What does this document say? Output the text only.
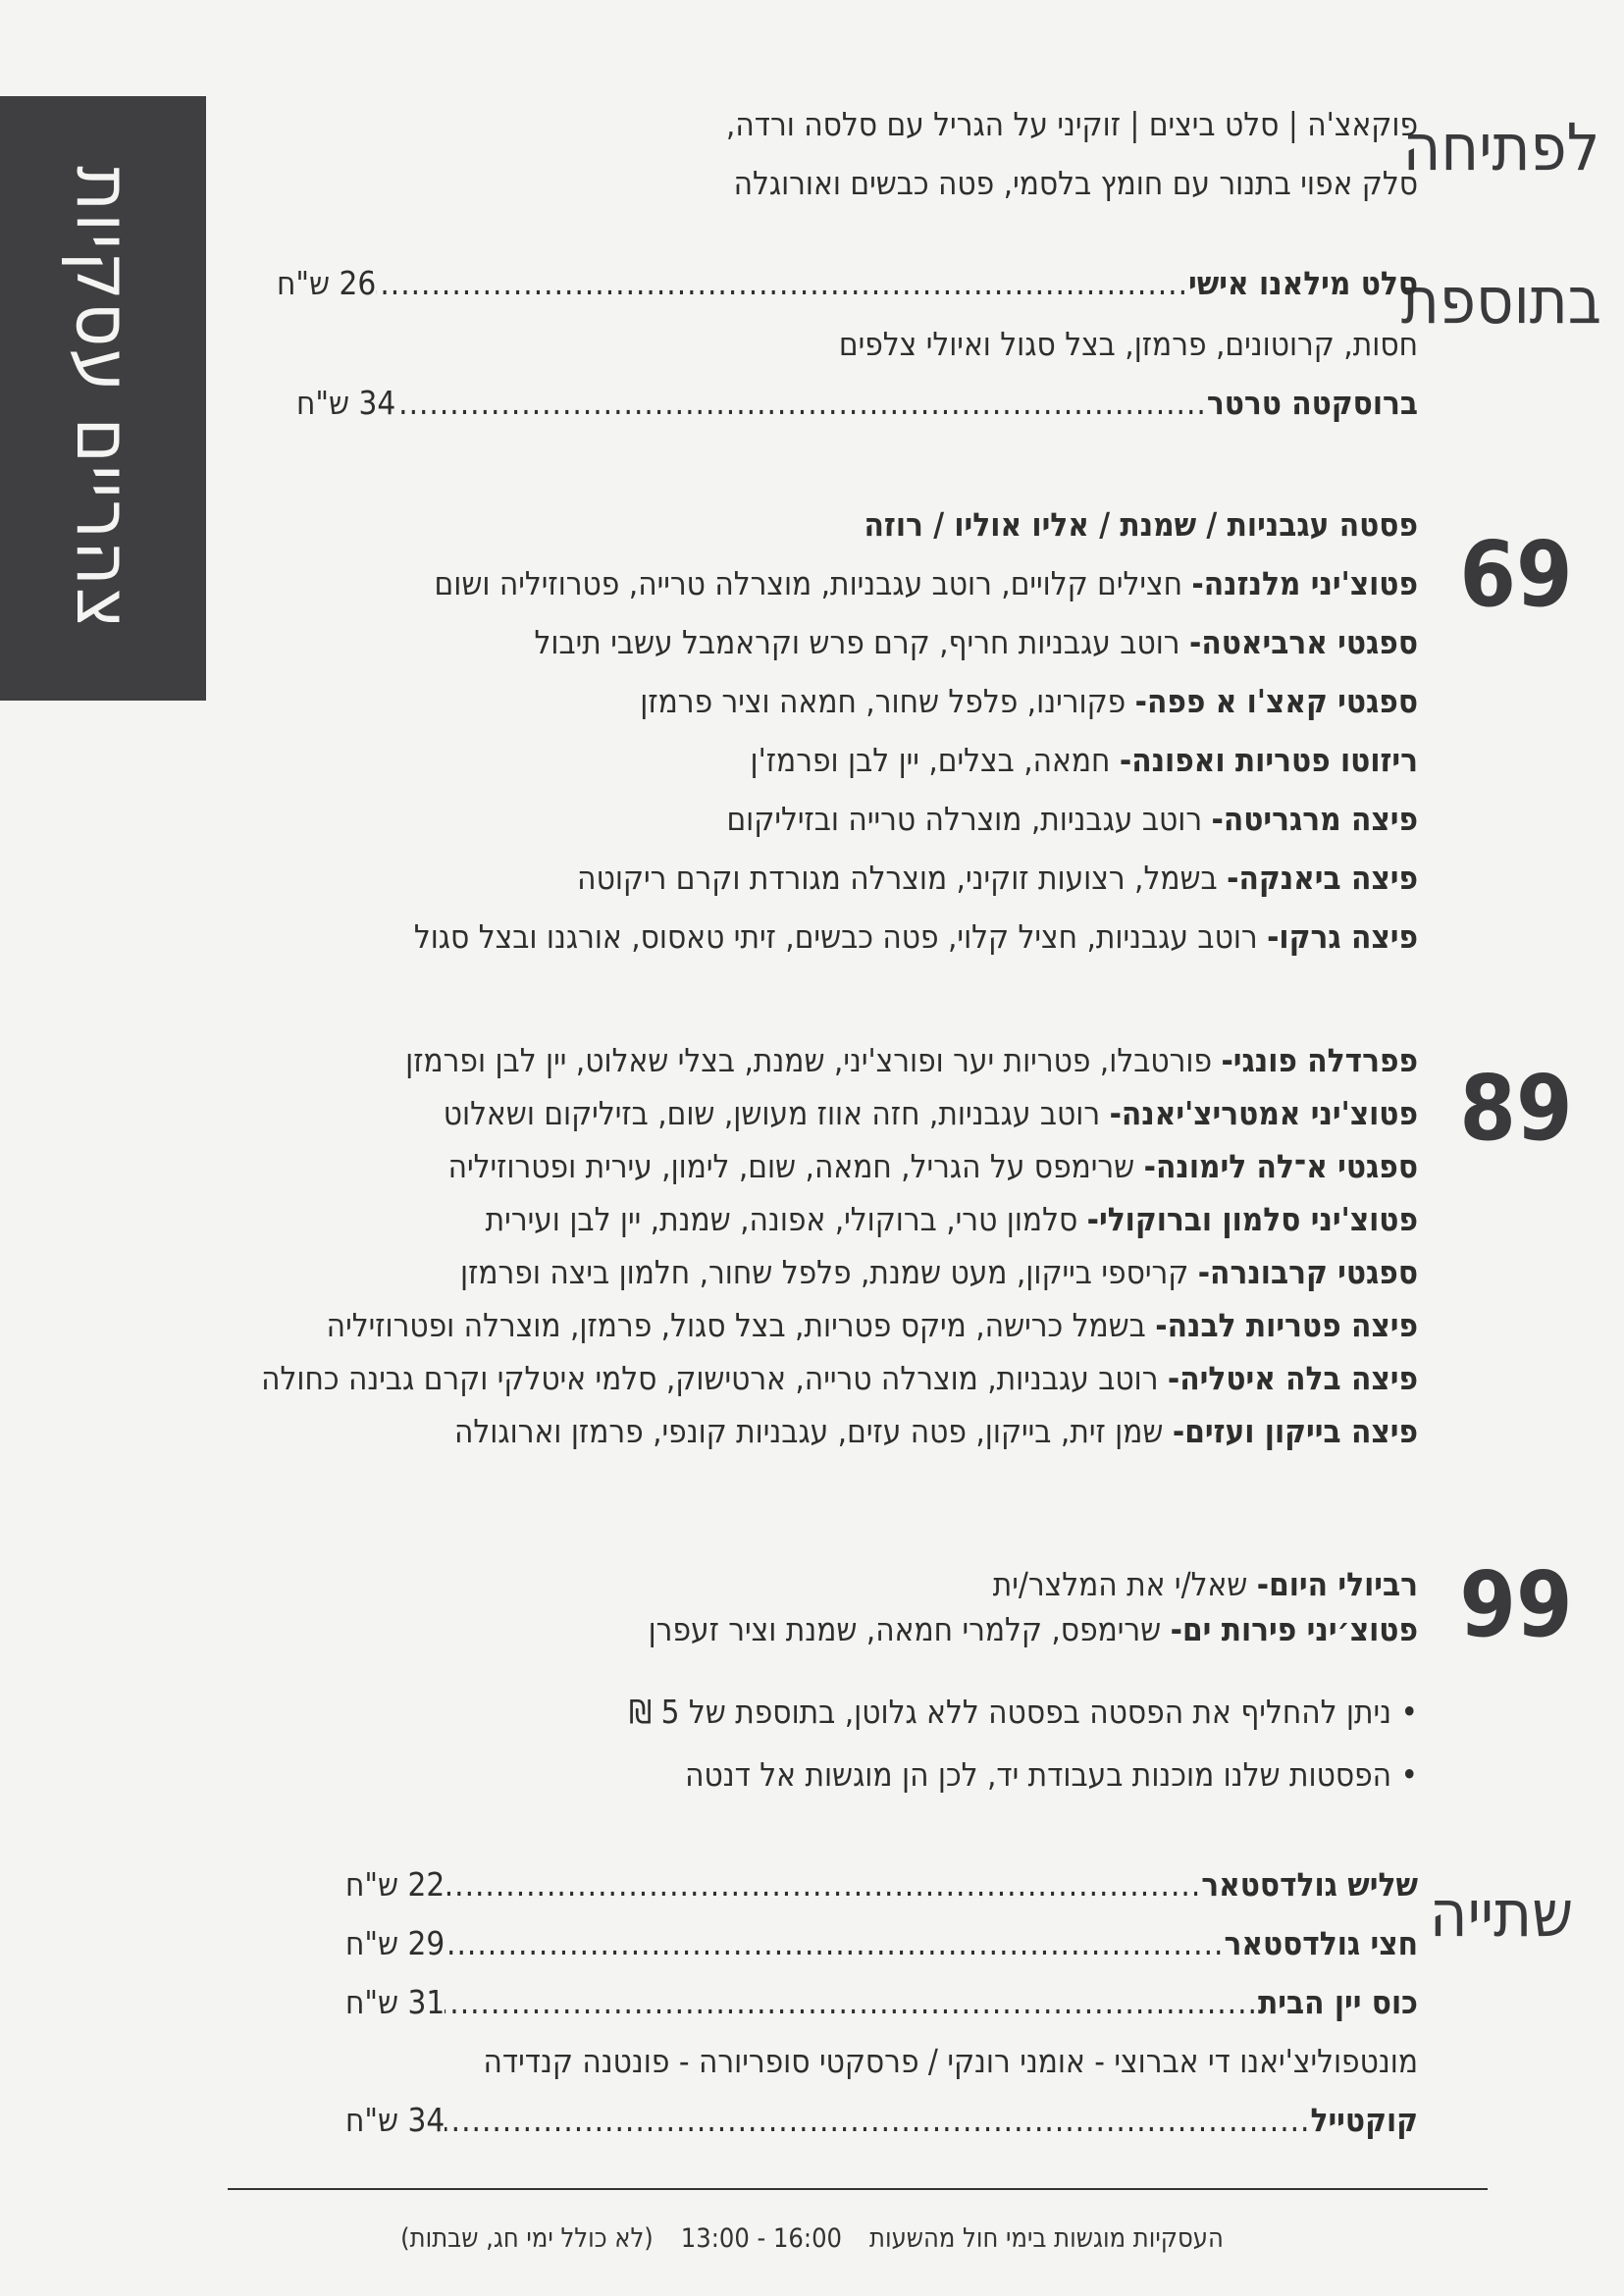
צהריים עסקיות
לפתיחה
פוקאצ'ה | סלט ביצים | זוקיני על הגריל עם סלסה ורדה,
סלק אפוי בתנור עם חומץ בלסמי, פטה כבשים ואורוגלה
בתוספת
סלט מילאנו אישי
.....
26 ש"ח
חסות, קרוטונים, פרמזן, בצל סגול ואיולי צלפים
ברוסקטה טרטר
.....
34 ש"ח
69
פסטה עגבניות / שמנת / אליו אוליו / רוזה
פטוצ'יני מלנזנה- חצילים קלויים, רוטב עגבניות, מוצרלה טרייה, פטרוזיליה ושום
ספגטי ארביאטה- רוטב עגבניות חריף, קרם פרש וקראמבל עשבי תיבול
ספגטי קאצ'ו א פפה- פקורינו, פלפל שחור, חמאה וציר פרמזן
ריזוטו פטריות ואפונה- חמאה, בצלים, יין לבן ופרמז'ן
פיצה מרגריטה- רוטב עגבניות, מוצרלה טרייה ובזיליקום
פיצה ביאנקה- בשמל, רצועות זוקיני, מוצרלה מגורדת וקרם ריקוטה
פיצה גרקו- רוטב עגבניות, חציל קלוי, פטה כבשים, זיתי טאסוס, אורגנו ובצל סגול
89
פפרדלה פונגי- פורטבלו, פטריות יער ופורצ'יני, שמנת, בצלי שאלוט, יין לבן ופרמזן
פטוצ'יני אמטריצ'יאנה- רוטב עגבניות, חזה אווז מעושן, שום, בזיליקום ושאלוט
ספגטי א־לה לימונה- שרימפס על הגריל, חמאה, שום, לימון, עירית ופטרוזיליה
פטוצ'יני סלמון וברוקולי- סלמון טרי, ברוקולי, אפונה, שמנת, יין לבן ועירית
ספגטי קרבונרה- קריספי בייקון, מעט שמנת, פלפל שחור, חלמון ביצה ופרמזן
פיצה פטריות לבנה- בשמל כרישה, מיקס פטריות, בצל סגול, פרמזן, מוצרלה ופטרוזיליה
פיצה בלה איטליה- רוטב עגבניות, מוצרלה טרייה, ארטישוק, סלמי איטלקי וקרם גבינה כחולה
פיצה בייקון ועזים- שמן זית, בייקון, פטה עזים, עגבניות קונפי, פרמזן וארוגולה
99
רביולי היום- שאל/י את המלצר/ית
פטוצ׳יני פירות ים- שרימפס, קלמרי חמאה, שמנת וציר זעפרן
• ניתן להחליף את הפסטה בפסטה ללא גלוטן, בתוספת של 5 ₪
• הפסטות שלנו מוכנות בעבודת יד, לכן הן מוגשות אל דנטה
שתייה
שליש גולדסטאר
.....
22 ש"ח
חצי גולדסטאר
.....
29 ש"ח
כוס יין הבית
.....
31 ש"ח
מונטפוליצ'יאנו די אברוצי - אומני רונקי / פרסקטי סופריורה - פונטנה קנדידה
קוקטייל
.....
34 ש"ח
העסקיות מוגשות בימי חול מהשעות13:00 - 16:00(לא כולל ימי חג, שבתות)
